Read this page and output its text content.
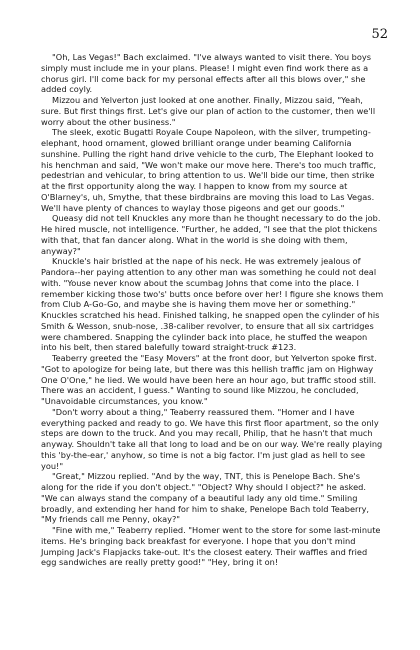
52

"Oh, Las Vegas!" Bach exclaimed. "I've always wanted to visit there. You boys simply must include me in your plans. Please! I might even find work there as a chorus girl. I'll come back for my personal effects after all this blows over," she added coyly.

Mizzou and Yelverton just looked at one another. Finally, Mizzou said, "Yeah, sure. But first things first. Let's give our plan of action to the customer, then we'll worry about the other business."

The sleek, exotic Bugatti Royale Coupe Napoleon, with the silver, trumpeting-elephant, hood ornament, glowed brilliant orange under beaming California sunshine. Pulling the right hand drive vehicle to the curb, The Elephant looked to his henchman and said, "We won't make our move here. There's too much traffic, pedestrian and vehicular, to bring attention to us. We'll bide our time, then strike at the first opportunity along the way. I happen to know from my source at O'Blarney's, uh, Smythe, that these birdbrains are moving this load to Las Vegas. We'll have plenty of chances to waylay those pigeons and get our goods."

Queasy did not tell Knuckles any more than he thought necessary to do the job. He hired muscle, not intelligence. "Further, he added, "I see that the plot thickens with that, that fan dancer along. What in the world is she doing with them, anyway?"

Knuckle's hair bristled at the nape of his neck. He was extremely jealous of Pandora--her paying attention to any other man was something he could not deal with. "Youse never know about the scumbag Johns that come into the place. I remember kicking those two's' butts once before over her! I figure she knows them from Club A-Go-Go, and maybe she is having them move her or something." Knuckles scratched his head. Finished talking, he snapped open the cylinder of his Smith & Wesson, snub-nose, .38-caliber revolver, to ensure that all six cartridges were chambered. Snapping the cylinder back into place, he stuffed the weapon into his belt, then stared balefully toward straight-truck #123.

Teaberry greeted the "Easy Movers" at the front door, but Yelverton spoke first. "Got to apologize for being late, but there was this hellish traffic jam on Highway One O'One," he lied. We would have been here an hour ago, but traffic stood still. There was an accident, I guess." Wanting to sound like Mizzou, he concluded, "Unavoidable circumstances, you know."

"Don't worry about a thing," Teaberry reassured them. "Homer and I have everything packed and ready to go. We have this first floor apartment, so the only steps are down to the truck. And you may recall, Philip, that he hasn't that much anyway. Shouldn't take all that long to load and be on our way. We're really playing this 'by-the-ear,' anyhow, so time is not a big factor. I'm just glad as hell to see you!"

"Great," Mizzou replied. "And by the way, TNT, this is Penelope Bach. She's along for the ride if you don't object." "Object? Why should I object?" he asked. "We can always stand the company of a beautiful lady any old time." Smiling broadly, and extending her hand for him to shake, Penelope Bach told Teaberry, "My friends call me Penny, okay?"

"Fine with me," Teaberry replied. "Homer went to the store for some last-minute items. He's bringing back breakfast for everyone. I hope that you don't mind Jumping Jack's Flapjacks take-out. It's the closest eatery. Their waffles and fried egg sandwiches are really pretty good!" "Hey, bring it on!
